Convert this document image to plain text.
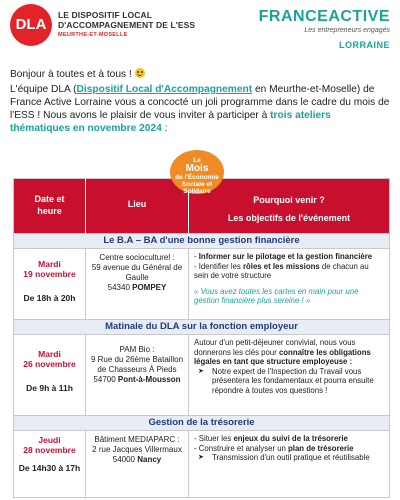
DLA
LE DISPOSITIF LOCAL
D'ACCOMPAGNEMENT DE L'ESS
MEURTHE-ET-MOSELLE
FRANCEACTIVE
Les entrepreneurs engagés
LORRAINE

Bonjour à toutes et à tous !

L'équipe DLA (Dispositif Local d'Accompagnement en Meurthe-et-Moselle) de France Active Lorraine vous a concocté un joli programme dans le cadre du mois de l'ESS ! Nous avons le plaisir de vous inviter à participer à trois ateliers thématiques en novembre 2024 :

Le
Mois
de l'Économie
Sociale et
Solidaire
Date et
heure
Lieu	Pourquoi venir ?
Les objectifs de l'événement
Le B.A – BA d'une bonne gestion financière
Mardi
19 novembre
De 18h à 20h
Centre socioculturel :
59 avenue du Général de Gaulle
54340 POMPEY
- Informer sur le pilotage et la gestion financière
- Identifier les rôles et les missions de chacun au sein de votre structure
« Vous avez toutes les cartes en main pour une gestion financière plus sereine ! »
Matinale du DLA sur la fonction employeur
Mardi
26 novembre
De 9h à 11h
PAM Bio :
9 Rue du 26ème Bataillon de Chasseurs À Pieds
54700 Pont-à-Mousson
Autour d'un petit-déjeuner convivial, nous vous donnerons les clés pour connaître les obligations légales en tant que structure employeuse :
➤ Notre expert de l'Inspection du Travail vous présentera les fondamentaux et pourra ensuite répondre à toutes vos questions !
Gestion de la trésorerie
Jeudi
28 novembre
De 14h30 à 17h
Bâtiment MEDIAPARC :
2 rue Jacques Villermaux
54000 Nancy
- Situer les enjeux du suivi de la trésorerie
- Construire et analyser un plan de trésorerie
➤ Transmission d'un outil pratique et réutilisable
